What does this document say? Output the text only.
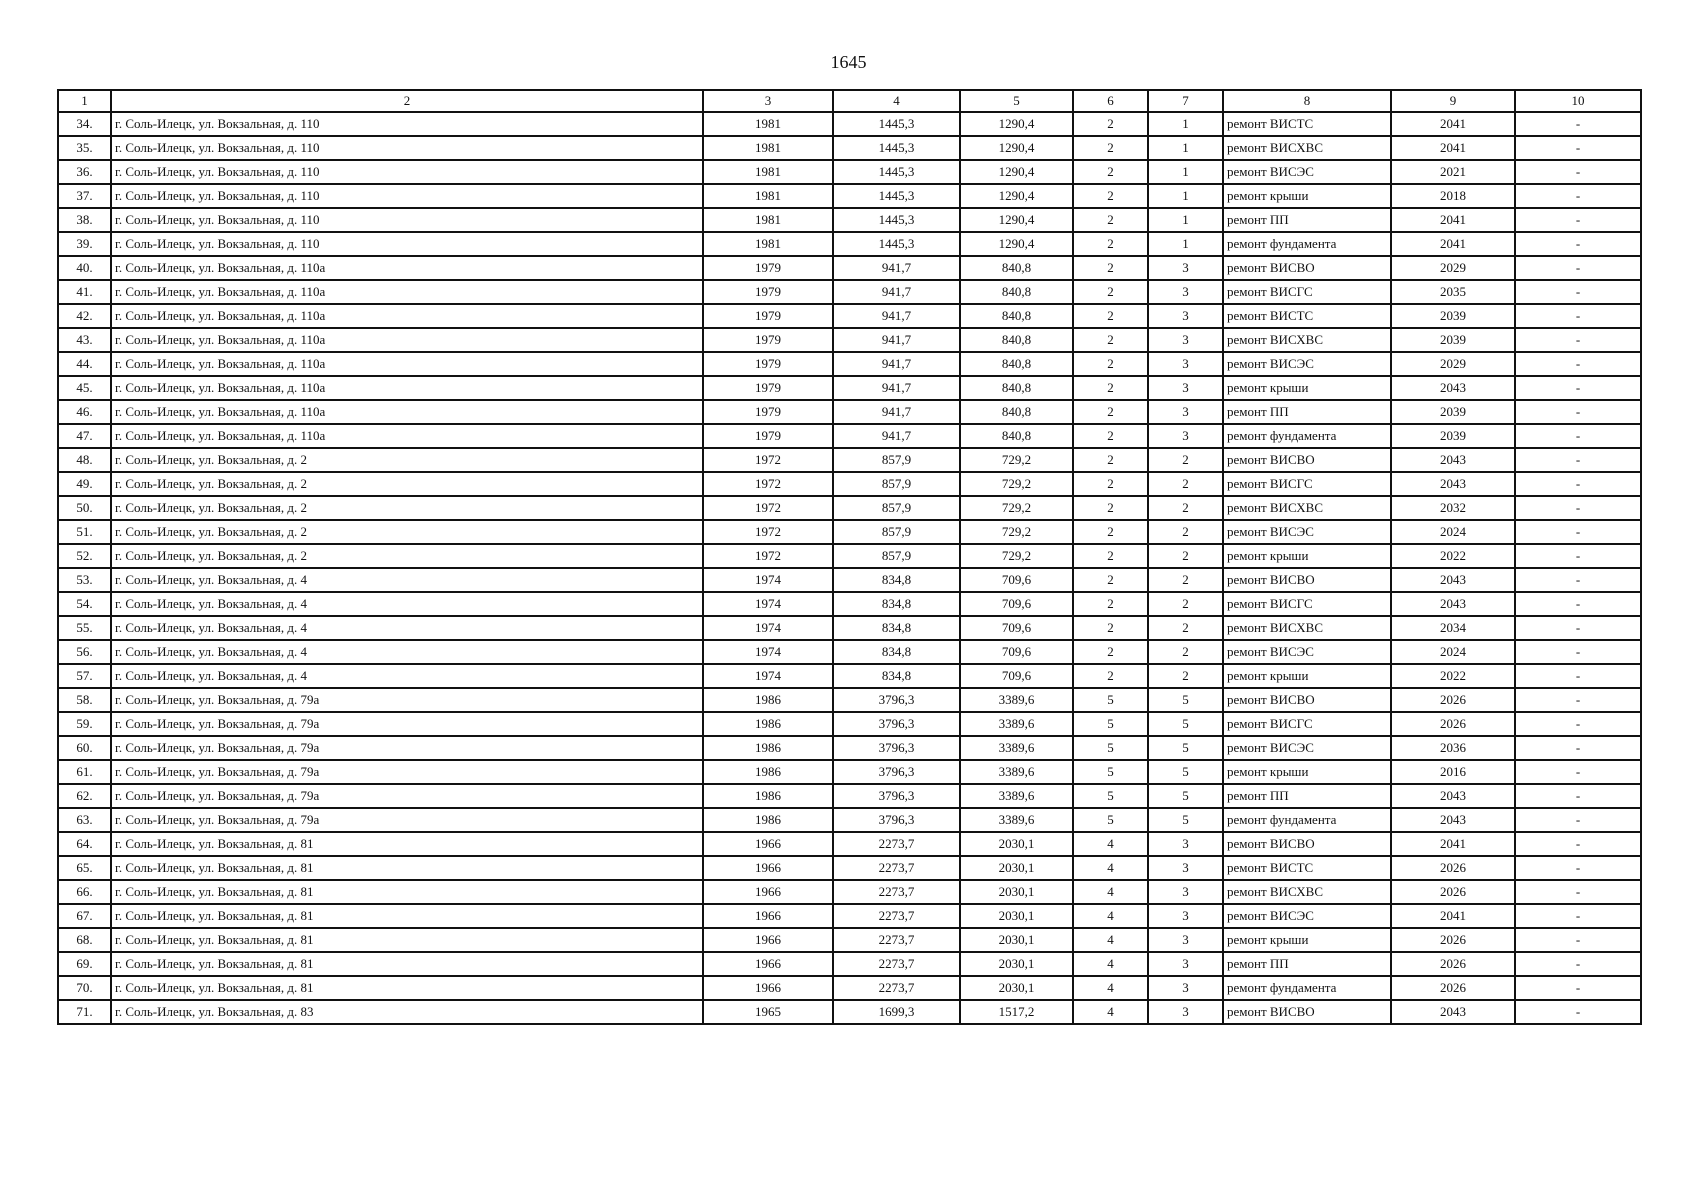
1645
1	2	3	4	5	6	7	8	9	10
34.	г. Соль-Илецк, ул. Вокзальная, д. 110	1981	1445,3	1290,4	2	1	ремонт ВИСТС	2041	-
35.	г. Соль-Илецк, ул. Вокзальная, д. 110	1981	1445,3	1290,4	2	1	ремонт ВИСХВС	2041	-
36.	г. Соль-Илецк, ул. Вокзальная, д. 110	1981	1445,3	1290,4	2	1	ремонт ВИСЭС	2021	-
37.	г. Соль-Илецк, ул. Вокзальная, д. 110	1981	1445,3	1290,4	2	1	ремонт крыши	2018	-
38.	г. Соль-Илецк, ул. Вокзальная, д. 110	1981	1445,3	1290,4	2	1	ремонт ПП	2041	-
39.	г. Соль-Илецк, ул. Вокзальная, д. 110	1981	1445,3	1290,4	2	1	ремонт фундамента	2041	-
40.	г. Соль-Илецк, ул. Вокзальная, д. 110а	1979	941,7	840,8	2	3	ремонт ВИСВО	2029	-
41.	г. Соль-Илецк, ул. Вокзальная, д. 110а	1979	941,7	840,8	2	3	ремонт ВИСГС	2035	-
42.	г. Соль-Илецк, ул. Вокзальная, д. 110а	1979	941,7	840,8	2	3	ремонт ВИСТС	2039	-
43.	г. Соль-Илецк, ул. Вокзальная, д. 110а	1979	941,7	840,8	2	3	ремонт ВИСХВС	2039	-
44.	г. Соль-Илецк, ул. Вокзальная, д. 110а	1979	941,7	840,8	2	3	ремонт ВИСЭС	2029	-
45.	г. Соль-Илецк, ул. Вокзальная, д. 110а	1979	941,7	840,8	2	3	ремонт крыши	2043	-
46.	г. Соль-Илецк, ул. Вокзальная, д. 110а	1979	941,7	840,8	2	3	ремонт ПП	2039	-
47.	г. Соль-Илецк, ул. Вокзальная, д. 110а	1979	941,7	840,8	2	3	ремонт фундамента	2039	-
48.	г. Соль-Илецк, ул. Вокзальная, д. 2	1972	857,9	729,2	2	2	ремонт ВИСВО	2043	-
49.	г. Соль-Илецк, ул. Вокзальная, д. 2	1972	857,9	729,2	2	2	ремонт ВИСГС	2043	-
50.	г. Соль-Илецк, ул. Вокзальная, д. 2	1972	857,9	729,2	2	2	ремонт ВИСХВС	2032	-
51.	г. Соль-Илецк, ул. Вокзальная, д. 2	1972	857,9	729,2	2	2	ремонт ВИСЭС	2024	-
52.	г. Соль-Илецк, ул. Вокзальная, д. 2	1972	857,9	729,2	2	2	ремонт крыши	2022	-
53.	г. Соль-Илецк, ул. Вокзальная, д. 4	1974	834,8	709,6	2	2	ремонт ВИСВО	2043	-
54.	г. Соль-Илецк, ул. Вокзальная, д. 4	1974	834,8	709,6	2	2	ремонт ВИСГС	2043	-
55.	г. Соль-Илецк, ул. Вокзальная, д. 4	1974	834,8	709,6	2	2	ремонт ВИСХВС	2034	-
56.	г. Соль-Илецк, ул. Вокзальная, д. 4	1974	834,8	709,6	2	2	ремонт ВИСЭС	2024	-
57.	г. Соль-Илецк, ул. Вокзальная, д. 4	1974	834,8	709,6	2	2	ремонт крыши	2022	-
58.	г. Соль-Илецк, ул. Вокзальная, д. 79а	1986	3796,3	3389,6	5	5	ремонт ВИСВО	2026	-
59.	г. Соль-Илецк, ул. Вокзальная, д. 79а	1986	3796,3	3389,6	5	5	ремонт ВИСГС	2026	-
60.	г. Соль-Илецк, ул. Вокзальная, д. 79а	1986	3796,3	3389,6	5	5	ремонт ВИСЭС	2036	-
61.	г. Соль-Илецк, ул. Вокзальная, д. 79а	1986	3796,3	3389,6	5	5	ремонт крыши	2016	-
62.	г. Соль-Илецк, ул. Вокзальная, д. 79а	1986	3796,3	3389,6	5	5	ремонт ПП	2043	-
63.	г. Соль-Илецк, ул. Вокзальная, д. 79а	1986	3796,3	3389,6	5	5	ремонт фундамента	2043	-
64.	г. Соль-Илецк, ул. Вокзальная, д. 81	1966	2273,7	2030,1	4	3	ремонт ВИСВО	2041	-
65.	г. Соль-Илецк, ул. Вокзальная, д. 81	1966	2273,7	2030,1	4	3	ремонт ВИСТС	2026	-
66.	г. Соль-Илецк, ул. Вокзальная, д. 81	1966	2273,7	2030,1	4	3	ремонт ВИСХВС	2026	-
67.	г. Соль-Илецк, ул. Вокзальная, д. 81	1966	2273,7	2030,1	4	3	ремонт ВИСЭС	2041	-
68.	г. Соль-Илецк, ул. Вокзальная, д. 81	1966	2273,7	2030,1	4	3	ремонт крыши	2026	-
69.	г. Соль-Илецк, ул. Вокзальная, д. 81	1966	2273,7	2030,1	4	3	ремонт ПП	2026	-
70.	г. Соль-Илецк, ул. Вокзальная, д. 81	1966	2273,7	2030,1	4	3	ремонт фундамента	2026	-
71.	г. Соль-Илецк, ул. Вокзальная, д. 83	1965	1699,3	1517,2	4	3	ремонт ВИСВО	2043	-
